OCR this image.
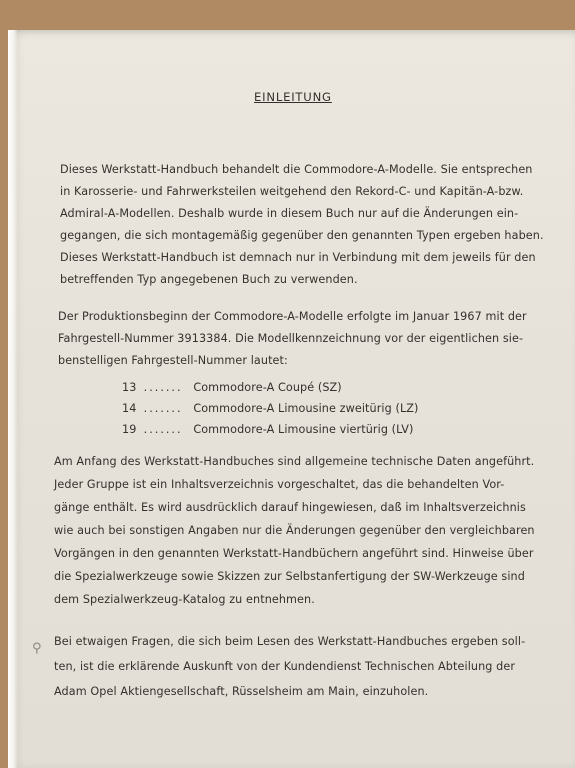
EINLEITUNG
Dieses Werkstatt-Handbuch behandelt die Commodore-A-Modelle. Sie entsprechen
in Karosserie- und Fahrwerksteilen weitgehend den Rekord-C- und Kapitän-A-bzw.
Admiral-A-Modellen. Deshalb wurde in diesem Buch nur auf die Änderungen ein-
gegangen, die sich montagemäßig gegenüber den genannten Typen ergeben haben.
Dieses Werkstatt-Handbuch ist demnach nur in Verbindung mit dem jeweils für den
betreffenden Typ angegebenen Buch zu verwenden.
Der Produktionsbeginn der Commodore-A-Modelle erfolgte im Januar 1967 mit der
Fahrgestell-Nummer 3913384. Die Modellkennzeichnung vor der eigentlichen sie-
benstelligen Fahrgestell-Nummer lautet:
13 ....... Commodore-A Coupé (SZ)
14 ....... Commodore-A Limousine zweitürig (LZ)
19 ....... Commodore-A Limousine viertürig (LV)
Am Anfang des Werkstatt-Handbuches sind allgemeine technische Daten angeführt.
Jeder Gruppe ist ein Inhaltsverzeichnis vorgeschaltet, das die behandelten Vor-
gänge enthält. Es wird ausdrücklich darauf hingewiesen, daß im Inhaltsverzeichnis
wie auch bei sonstigen Angaben nur die Änderungen gegenüber den vergleichbaren
Vorgängen in den genannten Werkstatt-Handbüchern angeführt sind. Hinweise über
die Spezialwerkzeuge sowie Skizzen zur Selbstanfertigung der SW-Werkzeuge sind
dem Spezialwerkzeug-Katalog zu entnehmen.
Bei etwaigen Fragen, die sich beim Lesen des Werkstatt-Handbuches ergeben soll-
ten, ist die erklärende Auskunft von der Kundendienst Technischen Abteilung der
Adam Opel Aktiengesellschaft, Rüsselsheim am Main, einzuholen.
⚲
